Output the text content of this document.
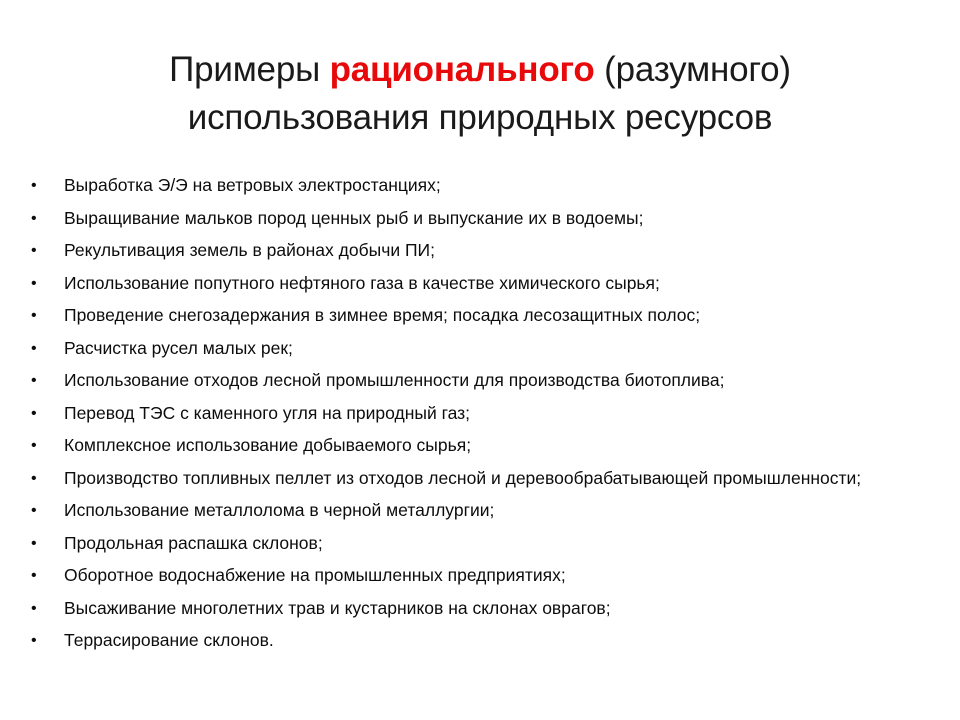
Примеры рационального (разумного)
использования природных ресурсов
• Выработка Э/Э на ветровых электростанциях;
• Выращивание мальков пород ценных рыб и выпускание их в водоемы;
• Рекультивация земель в районах добычи ПИ;
• Использование попутного нефтяного газа в качестве химического сырья;
• Проведение снегозадержания в зимнее время; посадка лесозащитных полос;
• Расчистка русел малых рек;
• Использование отходов лесной промышленности для производства биотоплива;
• Перевод ТЭС с каменного угля на природный газ;
• Комплексное использование добываемого сырья;
• Производство топливных пеллет из отходов лесной и деревообрабатывающей промышленности;
• Использование металлолома в черной металлургии;
• Продольная распашка склонов;
• Оборотное водоснабжение на промышленных предприятиях;
• Высаживание многолетних трав и кустарников на склонах оврагов;
• Террасирование склонов.
